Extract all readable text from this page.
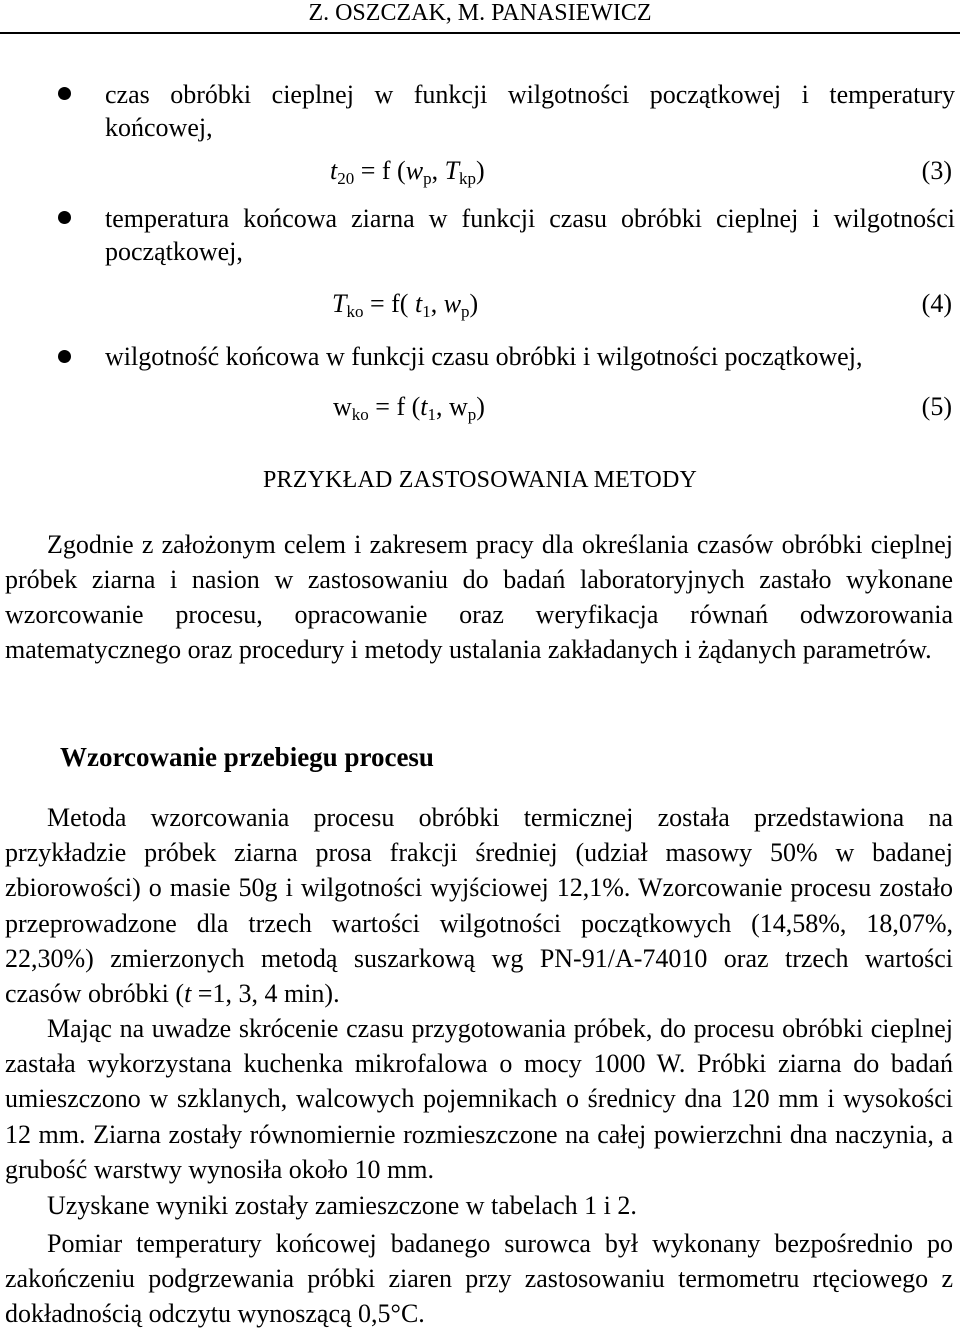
Z. OSZCZAK, M. PANASIEWICZ
czas obróbki cieplnej w funkcji wilgotności początkowej i temperatury końcowej,
$t_{20} = f$ ($w_p$, $T_{kp}$)	(3)
temperatura końcowa ziarna w funkcji czasu obróbki cieplnej i wilgotności początkowej,
$T_{ko} = f$( $t_1$, $w_p$)	(4)
wilgotność końcowa w funkcji czasu obróbki i wilgotności początkowej,
$w_{ko} = f$ ($t_1$, $w_p$)	(5)
PRZYKŁAD ZASTOSOWANIA METODY
Zgodnie z założonym celem i zakresem pracy dla określania czasów obróbki cieplnej próbek ziarna i nasion w zastosowaniu do badań laboratoryjnych zastało wykonane wzorcowanie procesu, opracowanie oraz weryfikacja równań odwzorowania matematycznego oraz procedury i metody ustalania zakładanych i żądanych parametrów.
Wzorcowanie przebiegu procesu
Metoda wzorcowania procesu obróbki termicznej została przedstawiona na przykładzie próbek ziarna prosa frakcji średniej (udział masowy 50% w badanej zbiorowości) o masie 50g i wilgotności wyjściowej 12,1%. Wzorcowanie procesu zostało przeprowadzone dla trzech wartości wilgotności początkowych (14,58%, 18,07%, 22,30%) zmierzonych metodą suszarkową wg PN-91/A-74010 oraz trzech wartości czasów obróbki (t =1, 3, 4 min).
Mając na uwadze skrócenie czasu przygotowania próbek, do procesu obróbki cieplnej zastała wykorzystana kuchenka mikrofalowa o mocy 1000 W. Próbki ziarna do badań umieszczono w szklanych, walcowych pojemnikach o średnicy dna 120 mm i wysokości 12 mm. Ziarna zostały równomiernie rozmieszczone na całej powierzchni dna naczynia, a grubość warstwy wynosiła około 10 mm.
Uzyskane wyniki zostały zamieszczone w tabelach 1 i 2.
Pomiar temperatury końcowej badanego surowca był wykonany bezpośrednio po zakończeniu podgrzewania próbki ziaren przy zastosowaniu termometru rtęciowego z dokładnością odczytu wynoszącą 0,5°C.
